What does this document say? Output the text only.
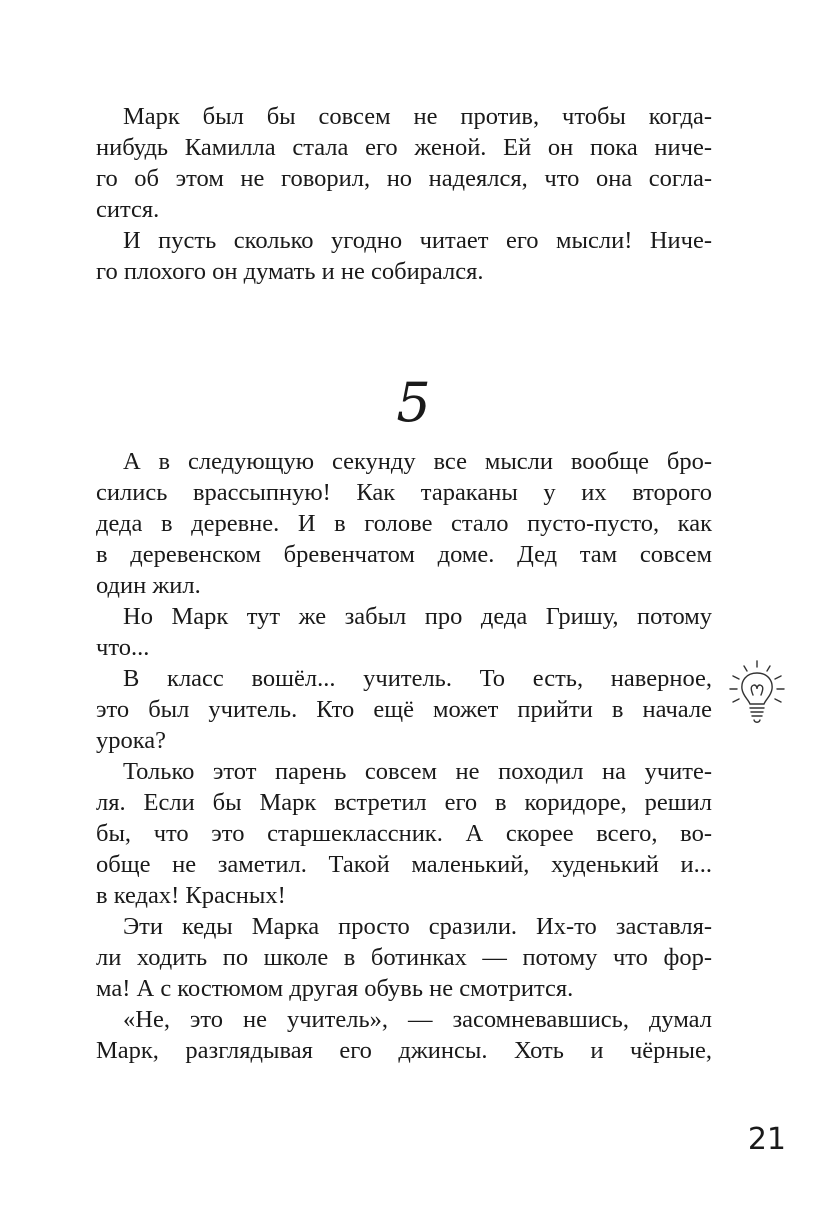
Марк был бы совсем не против, чтобы когда-
нибудь Камилла стала его женой. Ей он пока ниче-
го об этом не говорил, но надеялся, что она согла-
сится.
И пусть сколько угодно читает его мысли! Ниче-
го плохого он думать и не собирался.
5
А в следующую секунду все мысли вообще бро-
сились врассыпную! Как тараканы у их второго
деда в деревне. И в голове стало пусто-пусто, как
в деревенском бревенчатом доме. Дед там совсем
один жил.
Но Марк тут же забыл про деда Гришу, потому
что...
В класс вошёл... учитель. То есть, наверное,
это был учитель. Кто ещё может прийти в начале
урока?
Только этот парень совсем не походил на учите-
ля. Если бы Марк встретил его в коридоре, решил
бы, что это старшеклассник. А скорее всего, во-
обще не заметил. Такой маленький, худенький и...
в кедах! Красных!
Эти кеды Марка просто сразили. Их-то заставля-
ли ходить по школе в ботинках — потому что фор-
ма! А с костюмом другая обувь не смотрится.
«Не, это не учитель», — засомневавшись, думал
Марк, разглядывая его джинсы. Хоть и чёрные,
21
